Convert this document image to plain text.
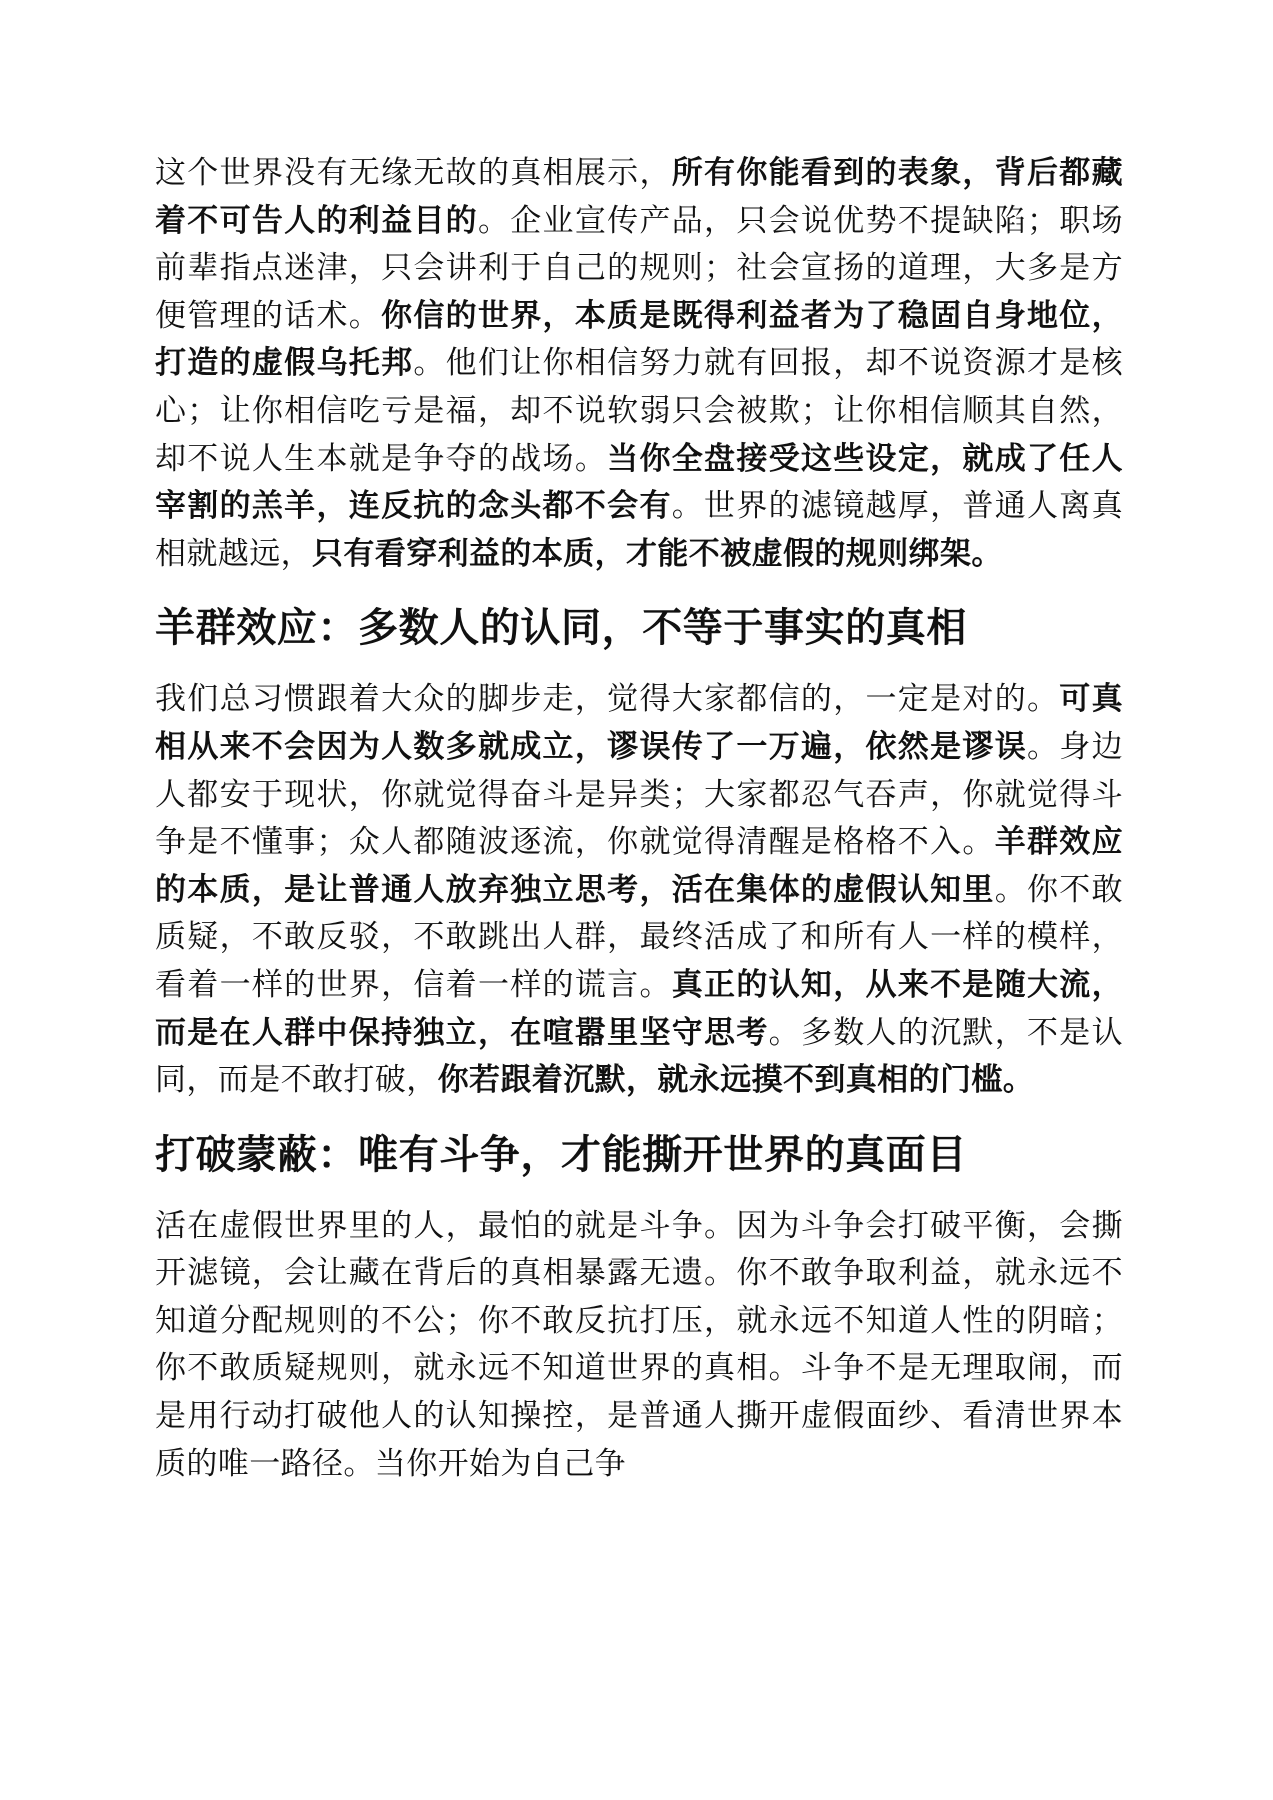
这个世界没有无缘无故的真相展示，所有你能看到的表象，背后都藏着不可告人的利益目的。企业宣传产品，只会说优势不提缺陷；职场前辈指点迷津，只会讲利于自己的规则；社会宣扬的道理，大多是方便管理的话术。你信的世界，本质是既得利益者为了稳固自身地位，打造的虚假乌托邦。他们让你相信努力就有回报，却不说资源才是核心；让你相信吃亏是福，却不说软弱只会被欺；让你相信顺其自然，却不说人生本就是争夺的战场。当你全盘接受这些设定，就成了任人宰割的羔羊，连反抗的念头都不会有。世界的滤镜越厚，普通人离真相就越远，只有看穿利益的本质，才能不被虚假的规则绑架。

羊群效应：多数人的认同，不等于事实的真相

我们总习惯跟着大众的脚步走，觉得大家都信的，一定是对的。可真相从来不会因为人数多就成立，谬误传了一万遍，依然是谬误。身边人都安于现状，你就觉得奋斗是异类；大家都忍气吞声，你就觉得斗争是不懂事；众人都随波逐流，你就觉得清醒是格格不入。羊群效应的本质，是让普通人放弃独立思考，活在集体的虚假认知里。你不敢质疑，不敢反驳，不敢跳出人群，最终活成了和所有人一样的模样，看着一样的世界，信着一样的谎言。真正的认知，从来不是随大流，而是在人群中保持独立，在喧嚣里坚守思考。多数人的沉默，不是认同，而是不敢打破，你若跟着沉默，就永远摸不到真相的门槛。

打破蒙蔽：唯有斗争，才能撕开世界的真面目

活在虚假世界里的人，最怕的就是斗争。因为斗争会打破平衡，会撕开滤镜，会让藏在背后的真相暴露无遗。你不敢争取利益，就永远不知道分配规则的不公；你不敢反抗打压，就永远不知道人性的阴暗；你不敢质疑规则，就永远不知道世界的真相。斗争不是无理取闹，而是用行动打破他人的认知操控，是普通人撕开虚假面纱、看清世界本质的唯一路径。当你开始为自己争
